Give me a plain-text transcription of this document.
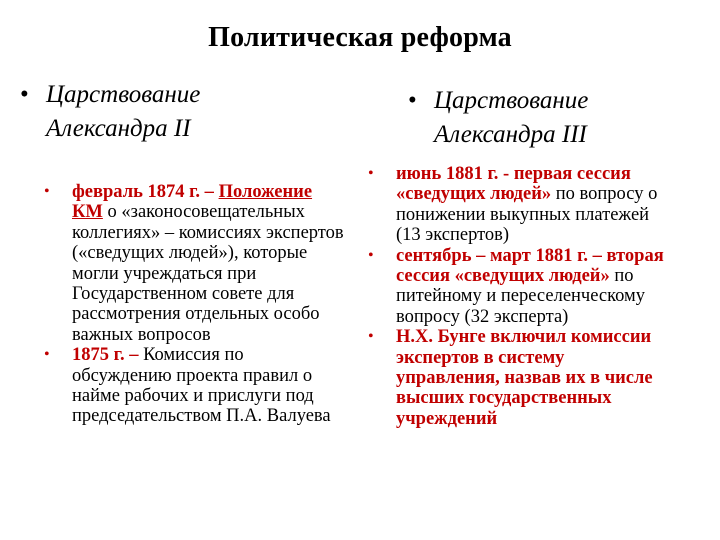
Политическая реформа
• Царствование Александра II
• Царствование Александра III
• февраль 1874 г. – Положение КМ о «законосовещательных коллегиях» – комиссиях экспертов («сведущих людей»), которые могли учреждаться при Государственном совете для рассмотрения отдельных особо важных вопросов
• 1875 г. – Комиссия по обсуждению проекта правил о найме рабочих и прислуги под председательством П.А. Валуева
• июнь 1881 г. - первая сессия «сведущих людей» по вопросу о понижении выкупных платежей (13 экспертов)
• сентябрь – март 1881 г. – вторая сессия «сведущих людей» по питейному и переселенческому вопросу (32 эксперта)
• Н.Х. Бунге включил комиссии экспертов в систему управления, назвав их в числе высших государственных учреждений
